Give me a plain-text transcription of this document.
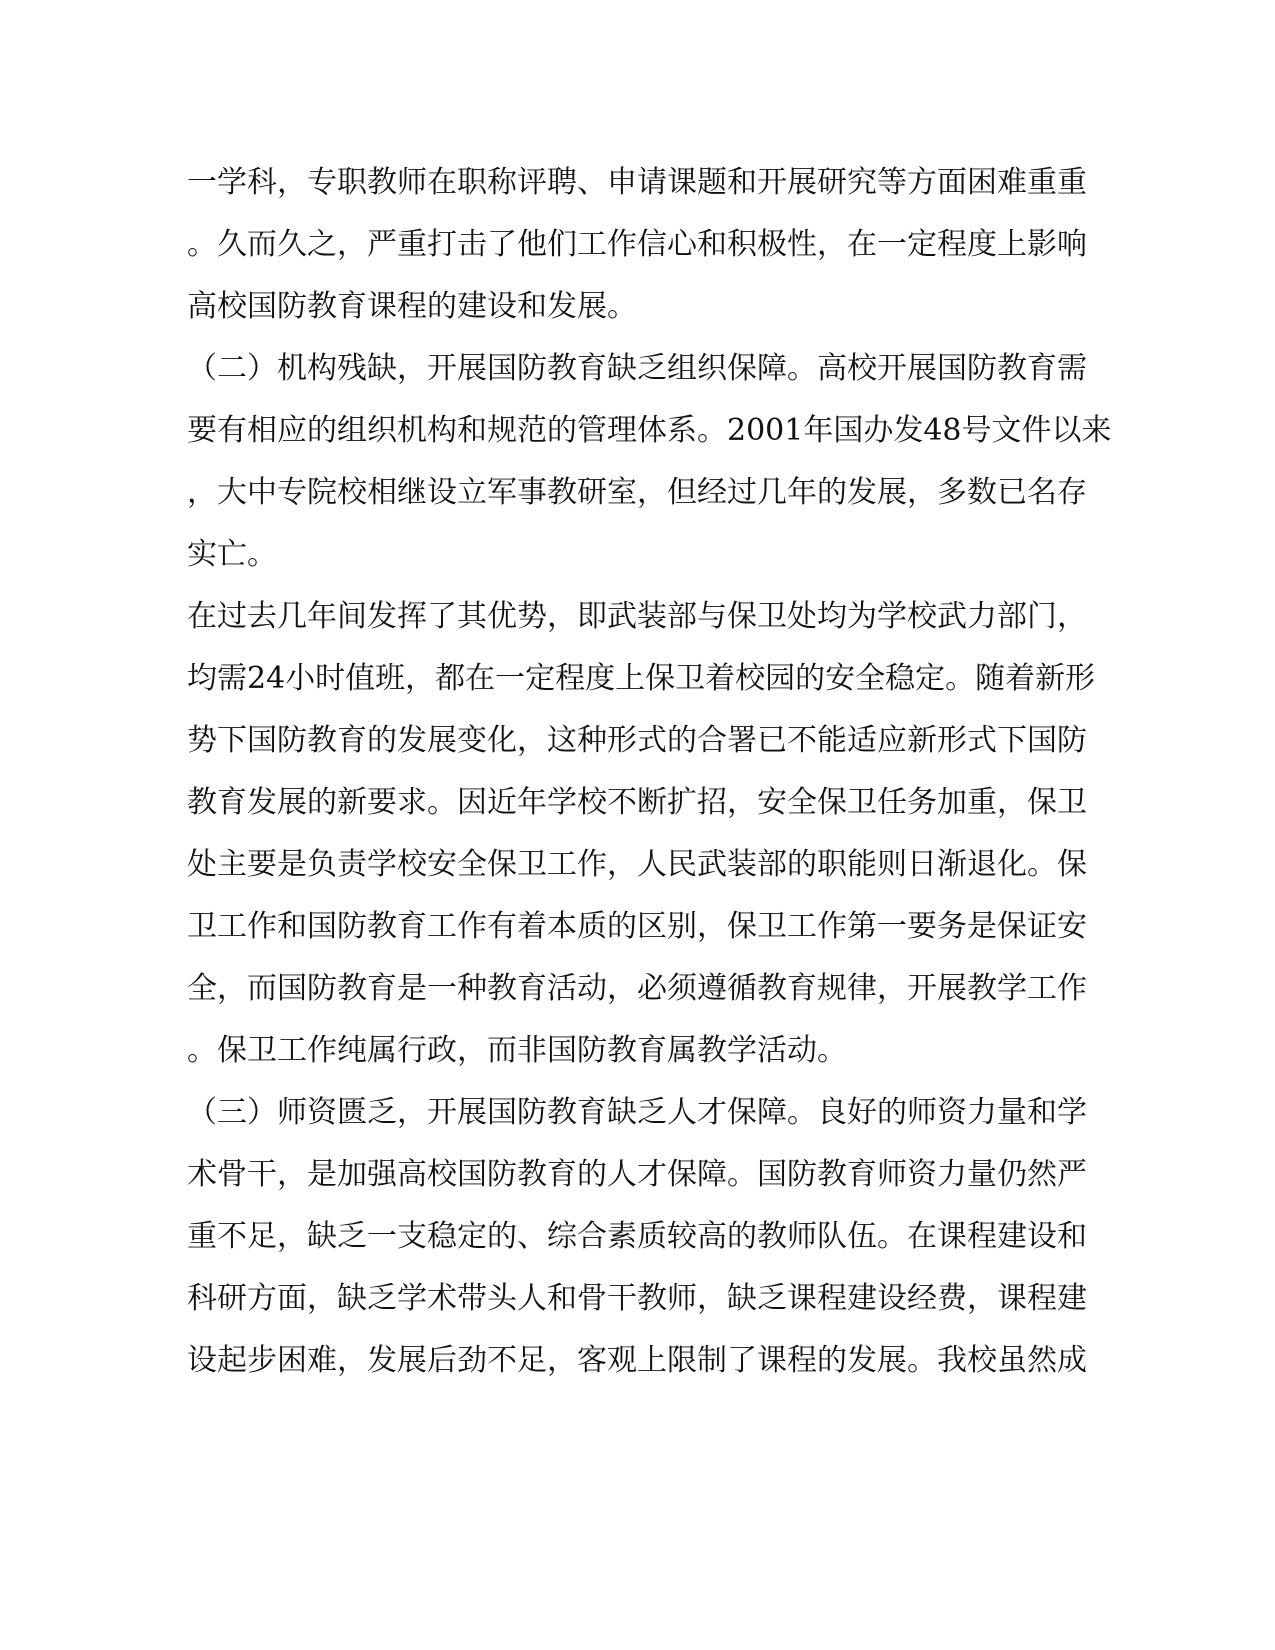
一学科，专职教师在职称评聘、申请课题和开展研究等方面困难重重
。久而久之，严重打击了他们工作信心和积极性，在一定程度上影响
高校国防教育课程的建设和发展。
（二）机构残缺，开展国防教育缺乏组织保障。高校开展国防教育需
要有相应的组织机构和规范的管理体系。2001年国办发48号文件以来
，大中专院校相继设立军事教研室，但经过几年的发展，多数已名存
实亡。
在过去几年间发挥了其优势，即武装部与保卫处均为学校武力部门，
均需24小时值班，都在一定程度上保卫着校园的安全稳定。随着新形
势下国防教育的发展变化，这种形式的合署已不能适应新形式下国防
教育发展的新要求。因近年学校不断扩招，安全保卫任务加重，保卫
处主要是负责学校安全保卫工作，人民武装部的职能则日渐退化。保
卫工作和国防教育工作有着本质的区别，保卫工作第一要务是保证安
全，而国防教育是一种教育活动，必须遵循教育规律，开展教学工作
。保卫工作纯属行政，而非国防教育属教学活动。
（三）师资匮乏，开展国防教育缺乏人才保障。良好的师资力量和学
术骨干，是加强高校国防教育的人才保障。国防教育师资力量仍然严
重不足，缺乏一支稳定的、综合素质较高的教师队伍。在课程建设和
科研方面，缺乏学术带头人和骨干教师，缺乏课程建设经费，课程建
设起步困难，发展后劲不足，客观上限制了课程的发展。我校虽然成
